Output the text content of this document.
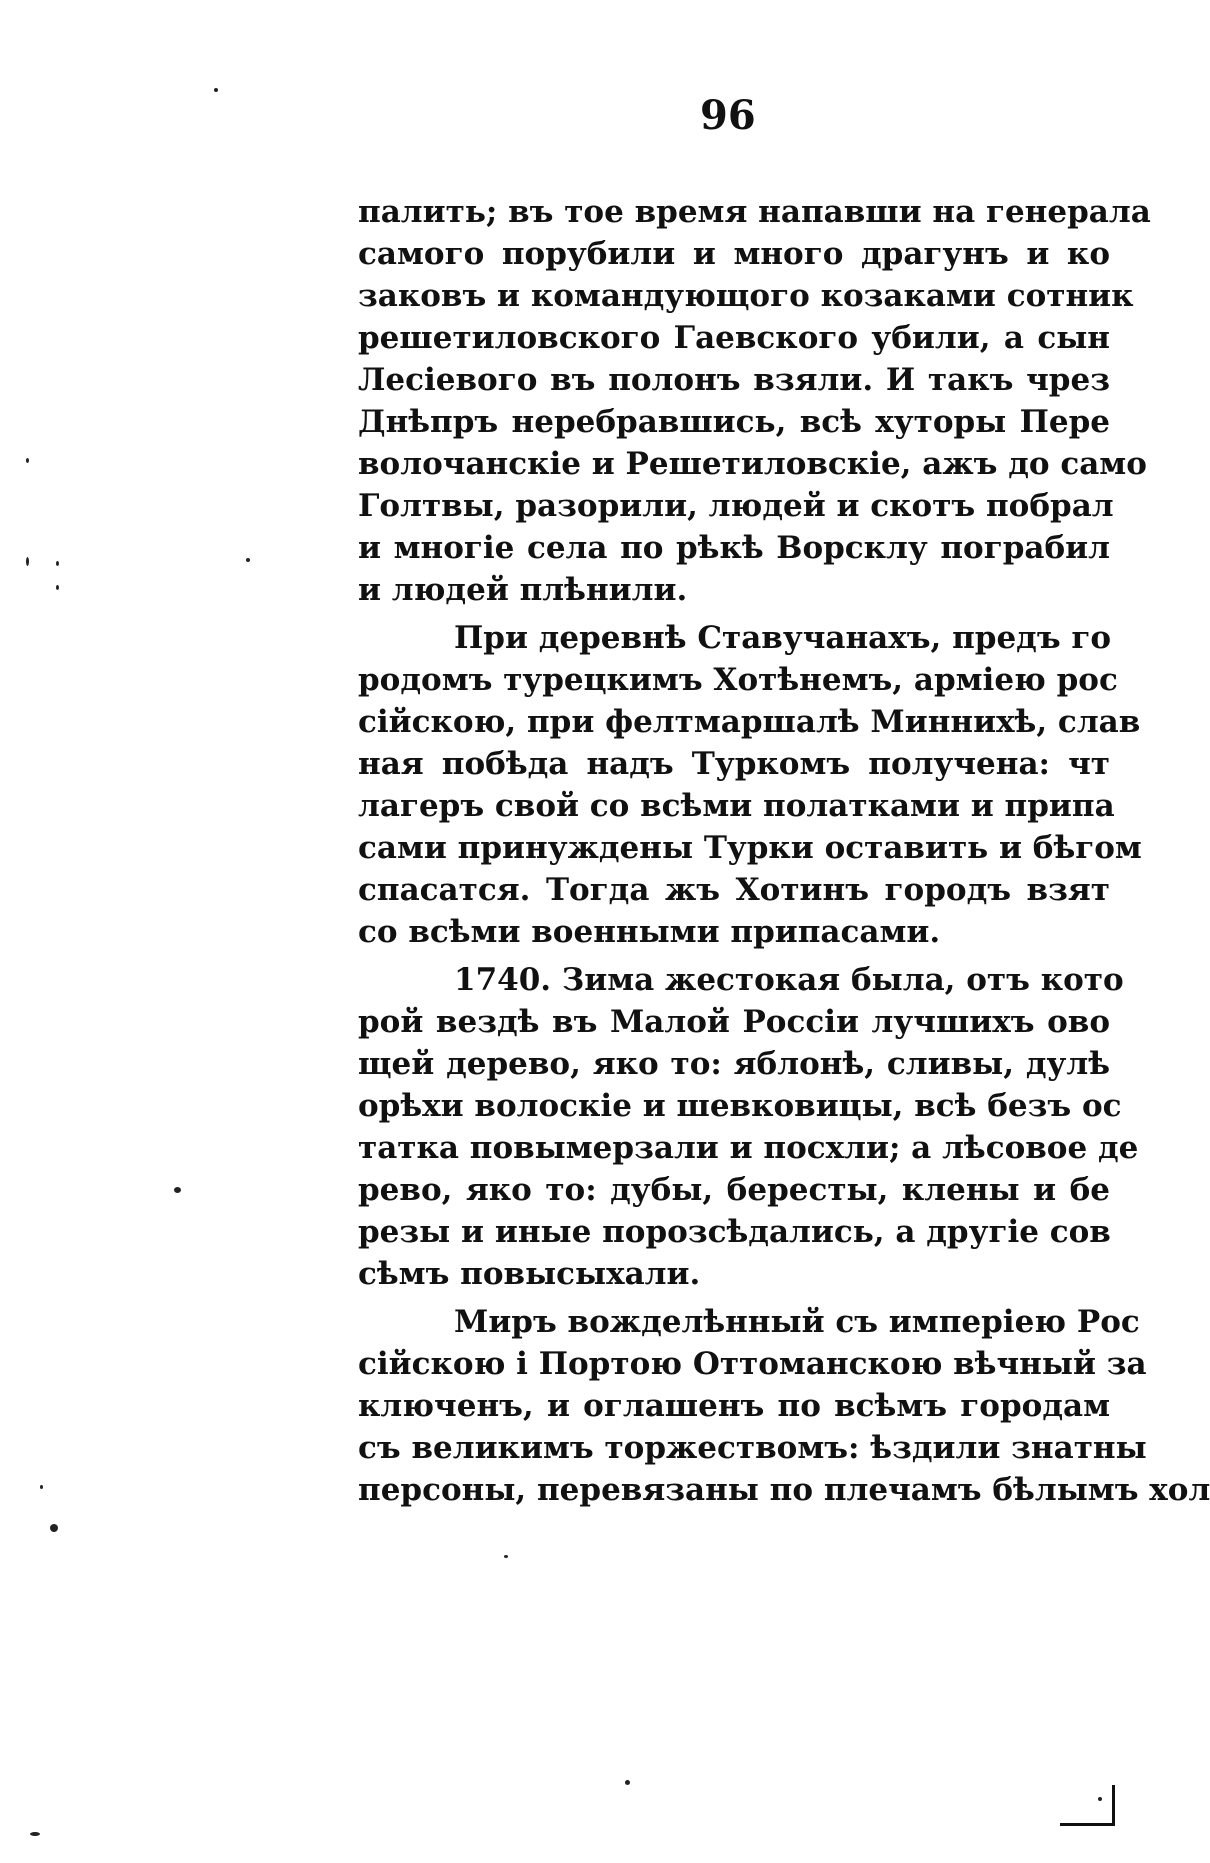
96
палить; въ тое время напавши на генерала
самого порубили и много драгунъ и ко
заковъ и командующого козаками сотник
решетиловского Гаевского убили, а сын
Лесіевого въ полонъ взяли. И такъ чрез
Днѣпръ неребравшись, всѣ хуторы Пере
волочанскіе и Решетиловскіе, ажъ до само
Голтвы, разорили, людей и скотъ побрал
и многіе села по рѣкѣ Ворсклу пограбил
и людей плѣнили.
При деревнѣ Ставучанахъ, предъ го
родомъ турецкимъ Хотѣнемъ, арміею рос
сійскою, при фелтмаршалѣ Миннихѣ, слав
ная побѣда надъ Туркомъ получена: чт
лагеръ свой со всѣми полатками и припа
сами принуждены Турки оставить и бѣгом
спасатся. Тогда жъ Хотинъ городъ взят
со всѣми военными припасами.
1740. Зима жестокая была, отъ кото
рой вездѣ въ Малой Россіи лучшихъ ово
щей дерево, яко то: яблонѣ, сливы, дулѣ
орѣхи волоскіе и шевковицы, всѣ безъ ос
татка повымерзали и посхли; а лѣсовое де
рево, яко то: дубы, бересты, клены и бе
резы и иные порозсѣдались, а другіе сов
сѣмъ повысыхали.
Миръ вожделѣнный съ имперіею Рос
сійскою і Портою Оттоманскою вѣчный за
ключенъ, и оглашенъ по всѣмъ городам
съ великимъ торжествомъ: ѣздили знатны
персоны, перевязаны по плечамъ бѣлымъ хол
